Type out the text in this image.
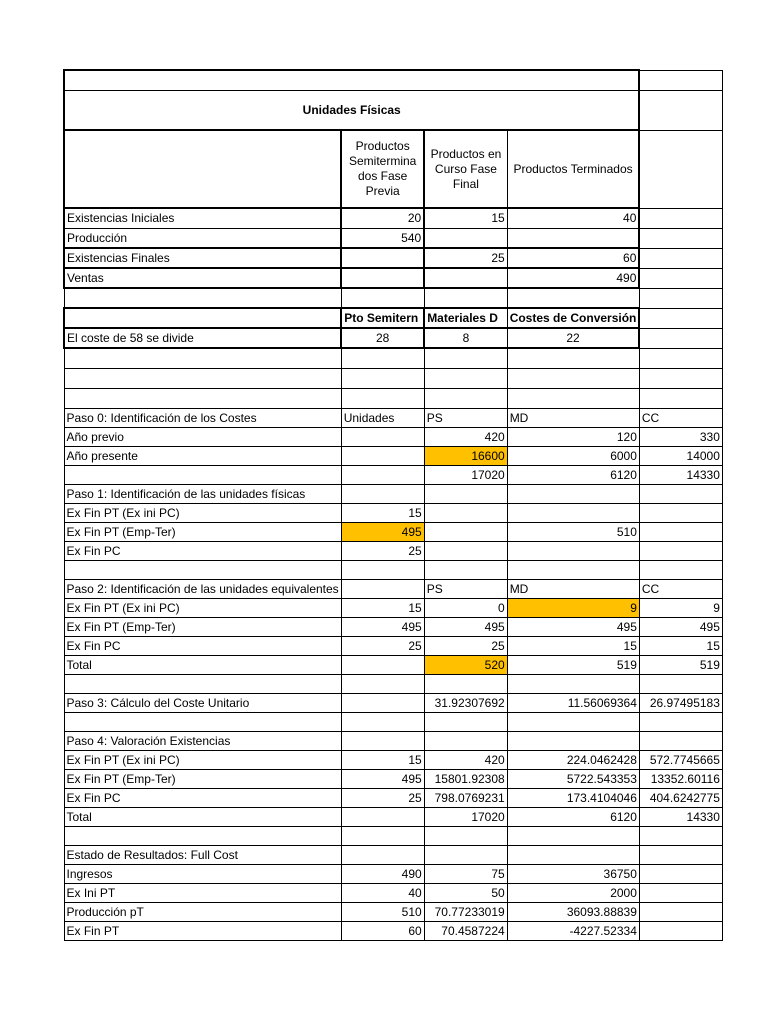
Unidades Físicas				
	Productos Semitermina dos Fase Previa	Productos en Curso Fase Final	Productos Terminados	
Existencias Iniciales	20	15	40	
Producción	540			
Existencias Finales		25	60	
Ventas			490	

	Pto Semitern	Materiales D	Costes de Conversión	
El coste de 58 se divide	28	8	22	

Paso 0: Identificación de los Costes	Unidades	PS	MD	CC
Año previo		420	120	330
Año presente		16600	6000	14000
		17020	6120	14330
Paso 1: Identificación de las unidades físicas				
Ex Fin PT (Ex ini PC)	15			
Ex Fin PT (Emp-Ter)	495		510	
Ex Fin PC	25			

Paso 2: Identificación de las unidades equivalentes		PS	MD	CC
Ex Fin PT (Ex ini PC)	15	0	9	9
Ex Fin PT (Emp-Ter)	495	495	495	495
Ex Fin PC	25	25	15	15
Total		520	519	519

Paso 3: Cálculo del Coste Unitario		31.92307692	11.56069364	26.97495183

Paso 4: Valoración Existencias				
Ex Fin PT (Ex ini PC)	15	420	224.0462428	572.7745665
Ex Fin PT (Emp-Ter)	495	15801.92308	5722.543353	13352.60116
Ex Fin PC	25	798.0769231	173.4104046	404.6242775
Total		17020	6120	14330

Estado de Resultados: Full Cost				
Ingresos	490	75	36750	
Ex Ini PT	40	50	2000	
Producción pT	510	70.77233019	36093.88839	
Ex Fin PT	60	70.4587224	-4227.52334	
